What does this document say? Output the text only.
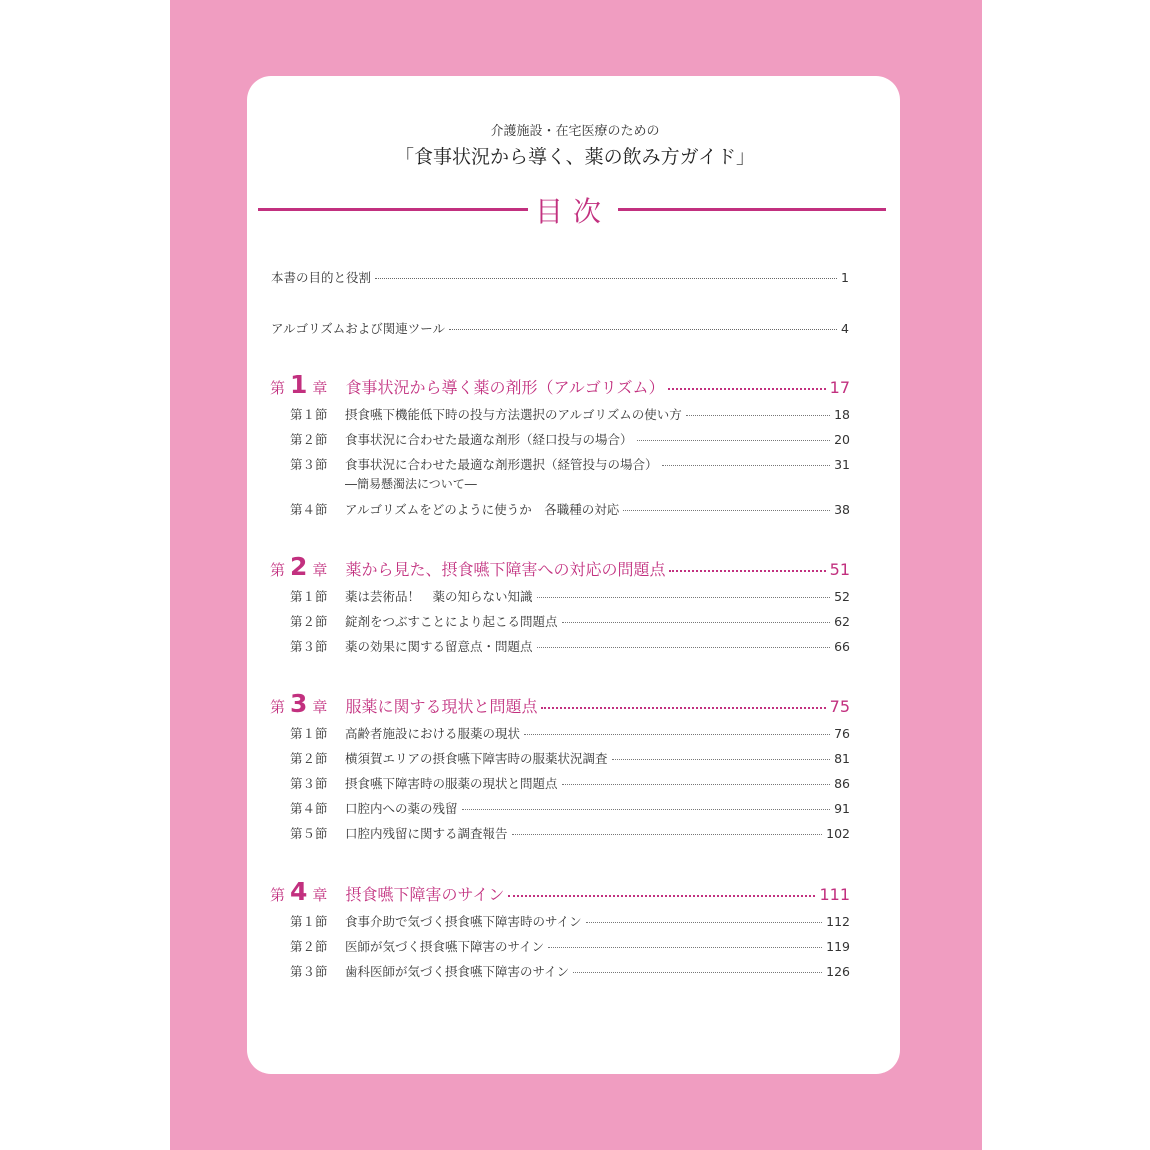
介護施設・在宅医療のための
「食事状況から導く、薬の飲み方ガイド」
目次
本書の目的と役割	1
アルゴリズムおよび関連ツール	4
第 1 章 食事状況から導く薬の剤形（アルゴリズム）	17
第１節	摂食嚥下機能低下時の投与方法選択のアルゴリズムの使い方	18
第２節	食事状況に合わせた最適な剤形（経口投与の場合）	20
第３節	食事状況に合わせた最適な剤形選択（経管投与の場合）	31
―簡易懸濁法について―
第４節	アルゴリズムをどのように使うか　各職種の対応	38
第 2 章 薬から見た、摂食嚥下障害への対応の問題点	51
第１節	薬は芸術品！　薬の知らない知識	52
第２節	錠剤をつぶすことにより起こる問題点	62
第３節	薬の効果に関する留意点・問題点	66
第 3 章 服薬に関する現状と問題点	75
第１節	高齢者施設における服薬の現状	76
第２節	横須賀エリアの摂食嚥下障害時の服薬状況調査	81
第３節	摂食嚥下障害時の服薬の現状と問題点	86
第４節	口腔内への薬の残留	91
第５節	口腔内残留に関する調査報告	102
第 4 章 摂食嚥下障害のサイン	111
第１節	食事介助で気づく摂食嚥下障害時のサイン	112
第２節	医師が気づく摂食嚥下障害のサイン	119
第３節	歯科医師が気づく摂食嚥下障害のサイン	126
